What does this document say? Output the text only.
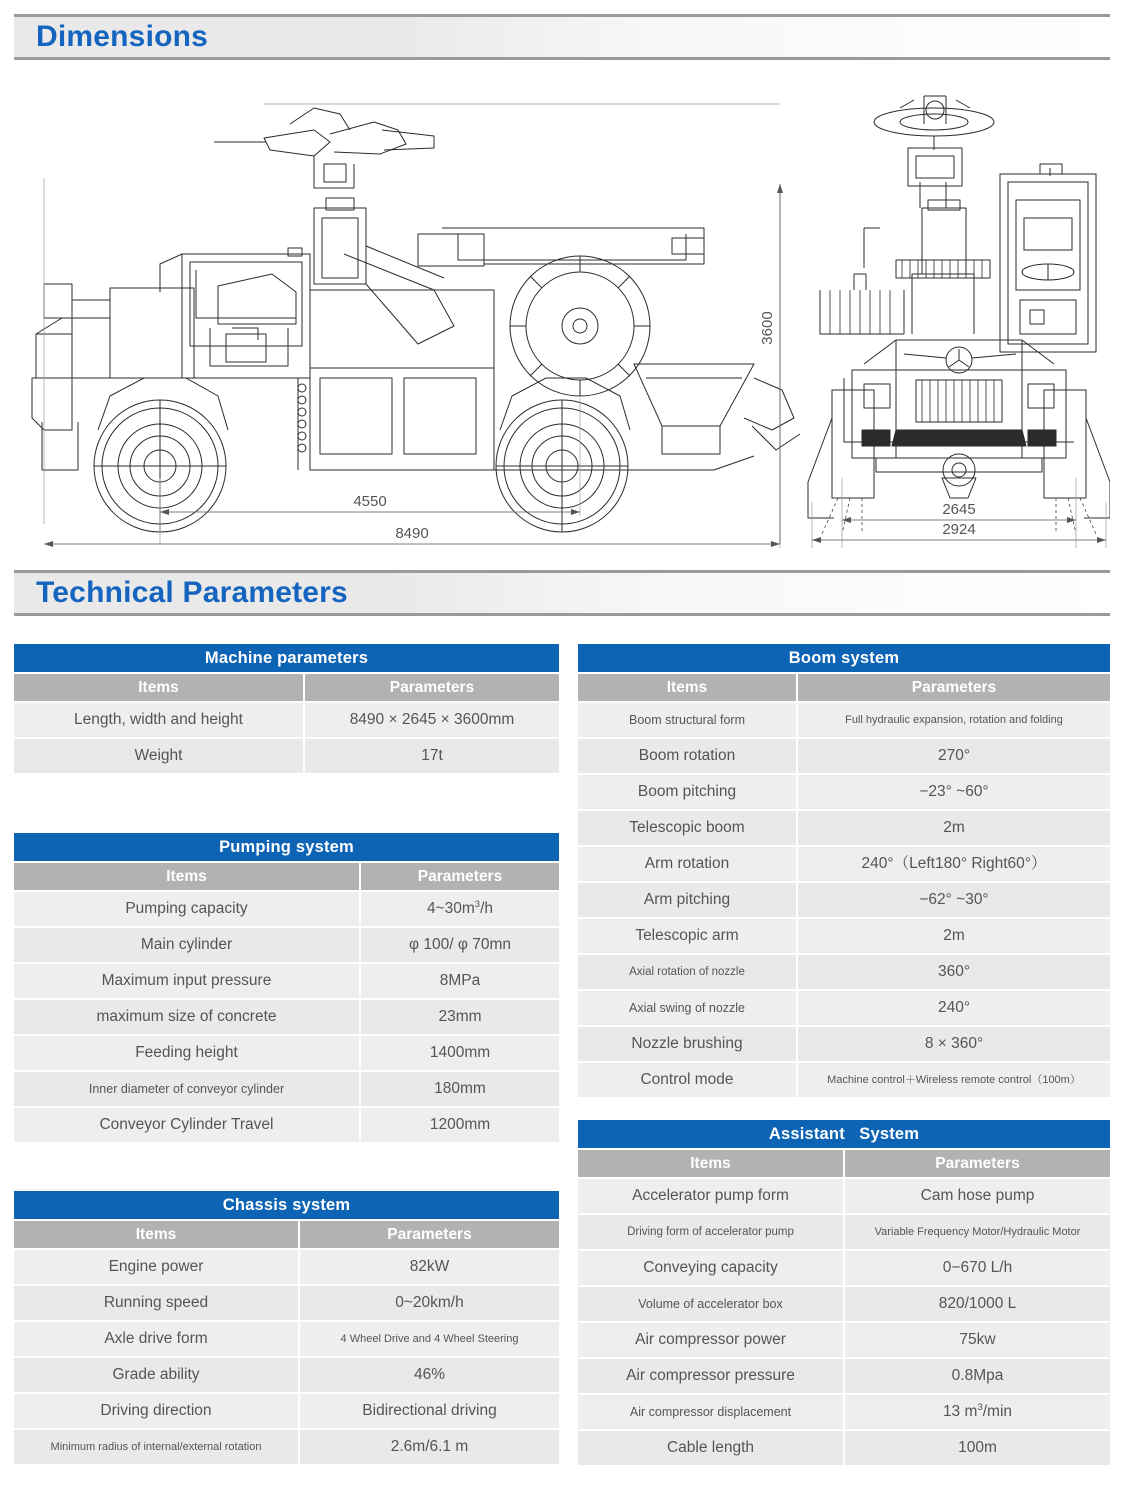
Dimensions
4550
8490
3600
2645
2924
Technical Parameters
Machine parameters
Items	Parameters
Length, width and height	8490 × 2645 × 3600mm
Weight	17t
Pumping system
Items	Parameters
Pumping capacity	$4\sim 30m^3/h$
Main cylinder	φ 100/ φ 70mn
Maximum input pressure	8MPa
maximum size of concrete	23mm
Feeding height	1400mm
Inner diameter of conveyor cylinder	180mm
Conveyor Cylinder Travel	1200mm
Chassis system
Items	Parameters
Engine power	82kW
Running speed	0~20km/h
Axle drive form	4 Wheel Drive and 4 Wheel Steering
Grade ability	46%
Driving direction	Bidirectional driving
Minimum radius of internal/external rotation	2.6m/6.1 m
Boom system
Items	Parameters
Boom structural form	Full hydraulic expansion, rotation and folding
Boom rotation	270°
Boom pitching	−23° ~60°
Telescopic boom	2m
Arm rotation	240°（Left180° Right60°）
Arm pitching	−62° ~30°
Telescopic arm	2m
Axial rotation of nozzle	360°
Axial swing of nozzle	240°
Nozzle brushing	8 × 360°
Control mode	Machine control＋Wireless remote control（100m）
Assistant   System
Items	Parameters
Accelerator pump form	Cam hose pump
Driving form of accelerator pump	Variable Frequency Motor/Hydraulic Motor
Conveying capacity	0−670 L/h
Volume of accelerator box	820/1000 L
Air compressor power	75kw
Air compressor pressure	0.8Mpa
Air compressor displacement	13 $m^3/\min$
Cable length	100m
